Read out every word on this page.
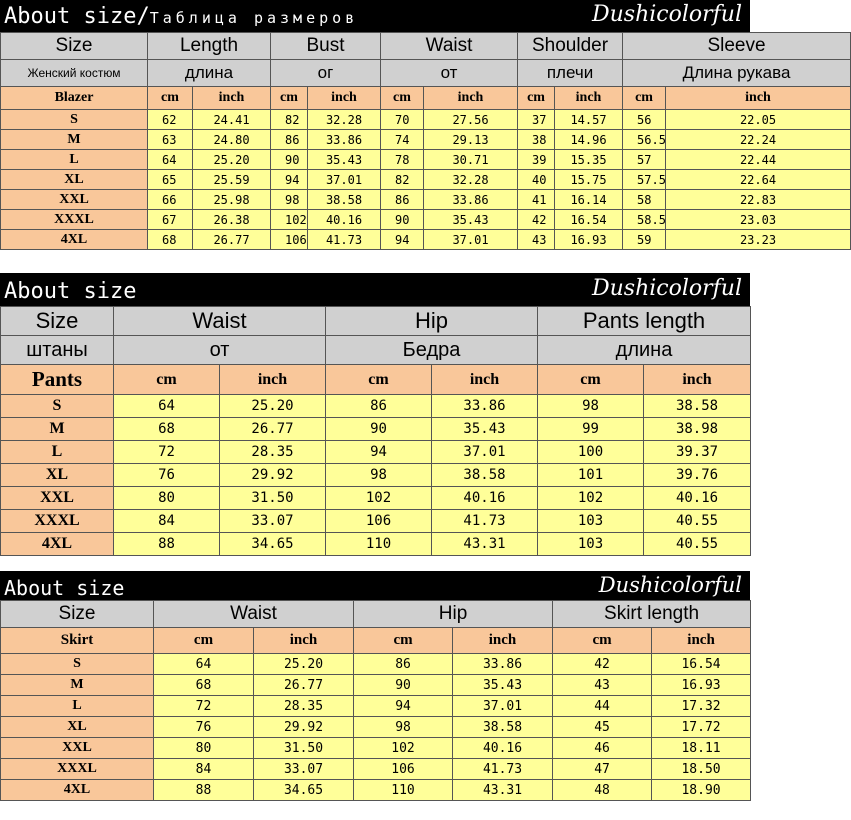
About size/Таблица размеров	Dushicolorful
Size	Length		Bust		Waist		Shoulder		Sleeve	
Женский костюм	длина		ог		от		плечи		Длина рукава	
Blazer	cm	inch	cm	inch	cm	inch	cm	inch	cm	inch
S	62	24.41	82	32.28	70	27.56	37	14.57	56	22.05
M	63	24.80	86	33.86	74	29.13	38	14.96	56.5	22.24
L	64	25.20	90	35.43	78	30.71	39	15.35	57	22.44
XL	65	25.59	94	37.01	82	32.28	40	15.75	57.5	22.64
XXL	66	25.98	98	38.58	86	33.86	41	16.14	58	22.83
XXXL	67	26.38	102	40.16	90	35.43	42	16.54	58.5	23.03
4XL	68	26.77	106	41.73	94	37.01	43	16.93	59	23.23
About size	Dushicolorful
Size	Waist		Hip		Pants length	
штаны	от		Бедра		длина	
Pants	cm	inch	cm	inch	cm	inch
S	64	25.20	86	33.86	98	38.58
M	68	26.77	90	35.43	99	38.98
L	72	28.35	94	37.01	100	39.37
XL	76	29.92	98	38.58	101	39.76
XXL	80	31.50	102	40.16	102	40.16
XXXL	84	33.07	106	41.73	103	40.55
4XL	88	34.65	110	43.31	103	40.55
About size	Dushicolorful
Size	Waist		Hip		Skirt length	
Skirt	cm	inch	cm	inch	cm	inch
S	64	25.20	86	33.86	42	16.54
M	68	26.77	90	35.43	43	16.93
L	72	28.35	94	37.01	44	17.32
XL	76	29.92	98	38.58	45	17.72
XXL	80	31.50	102	40.16	46	18.11
XXXL	84	33.07	106	41.73	47	18.50
4XL	88	34.65	110	43.31	48	18.90
